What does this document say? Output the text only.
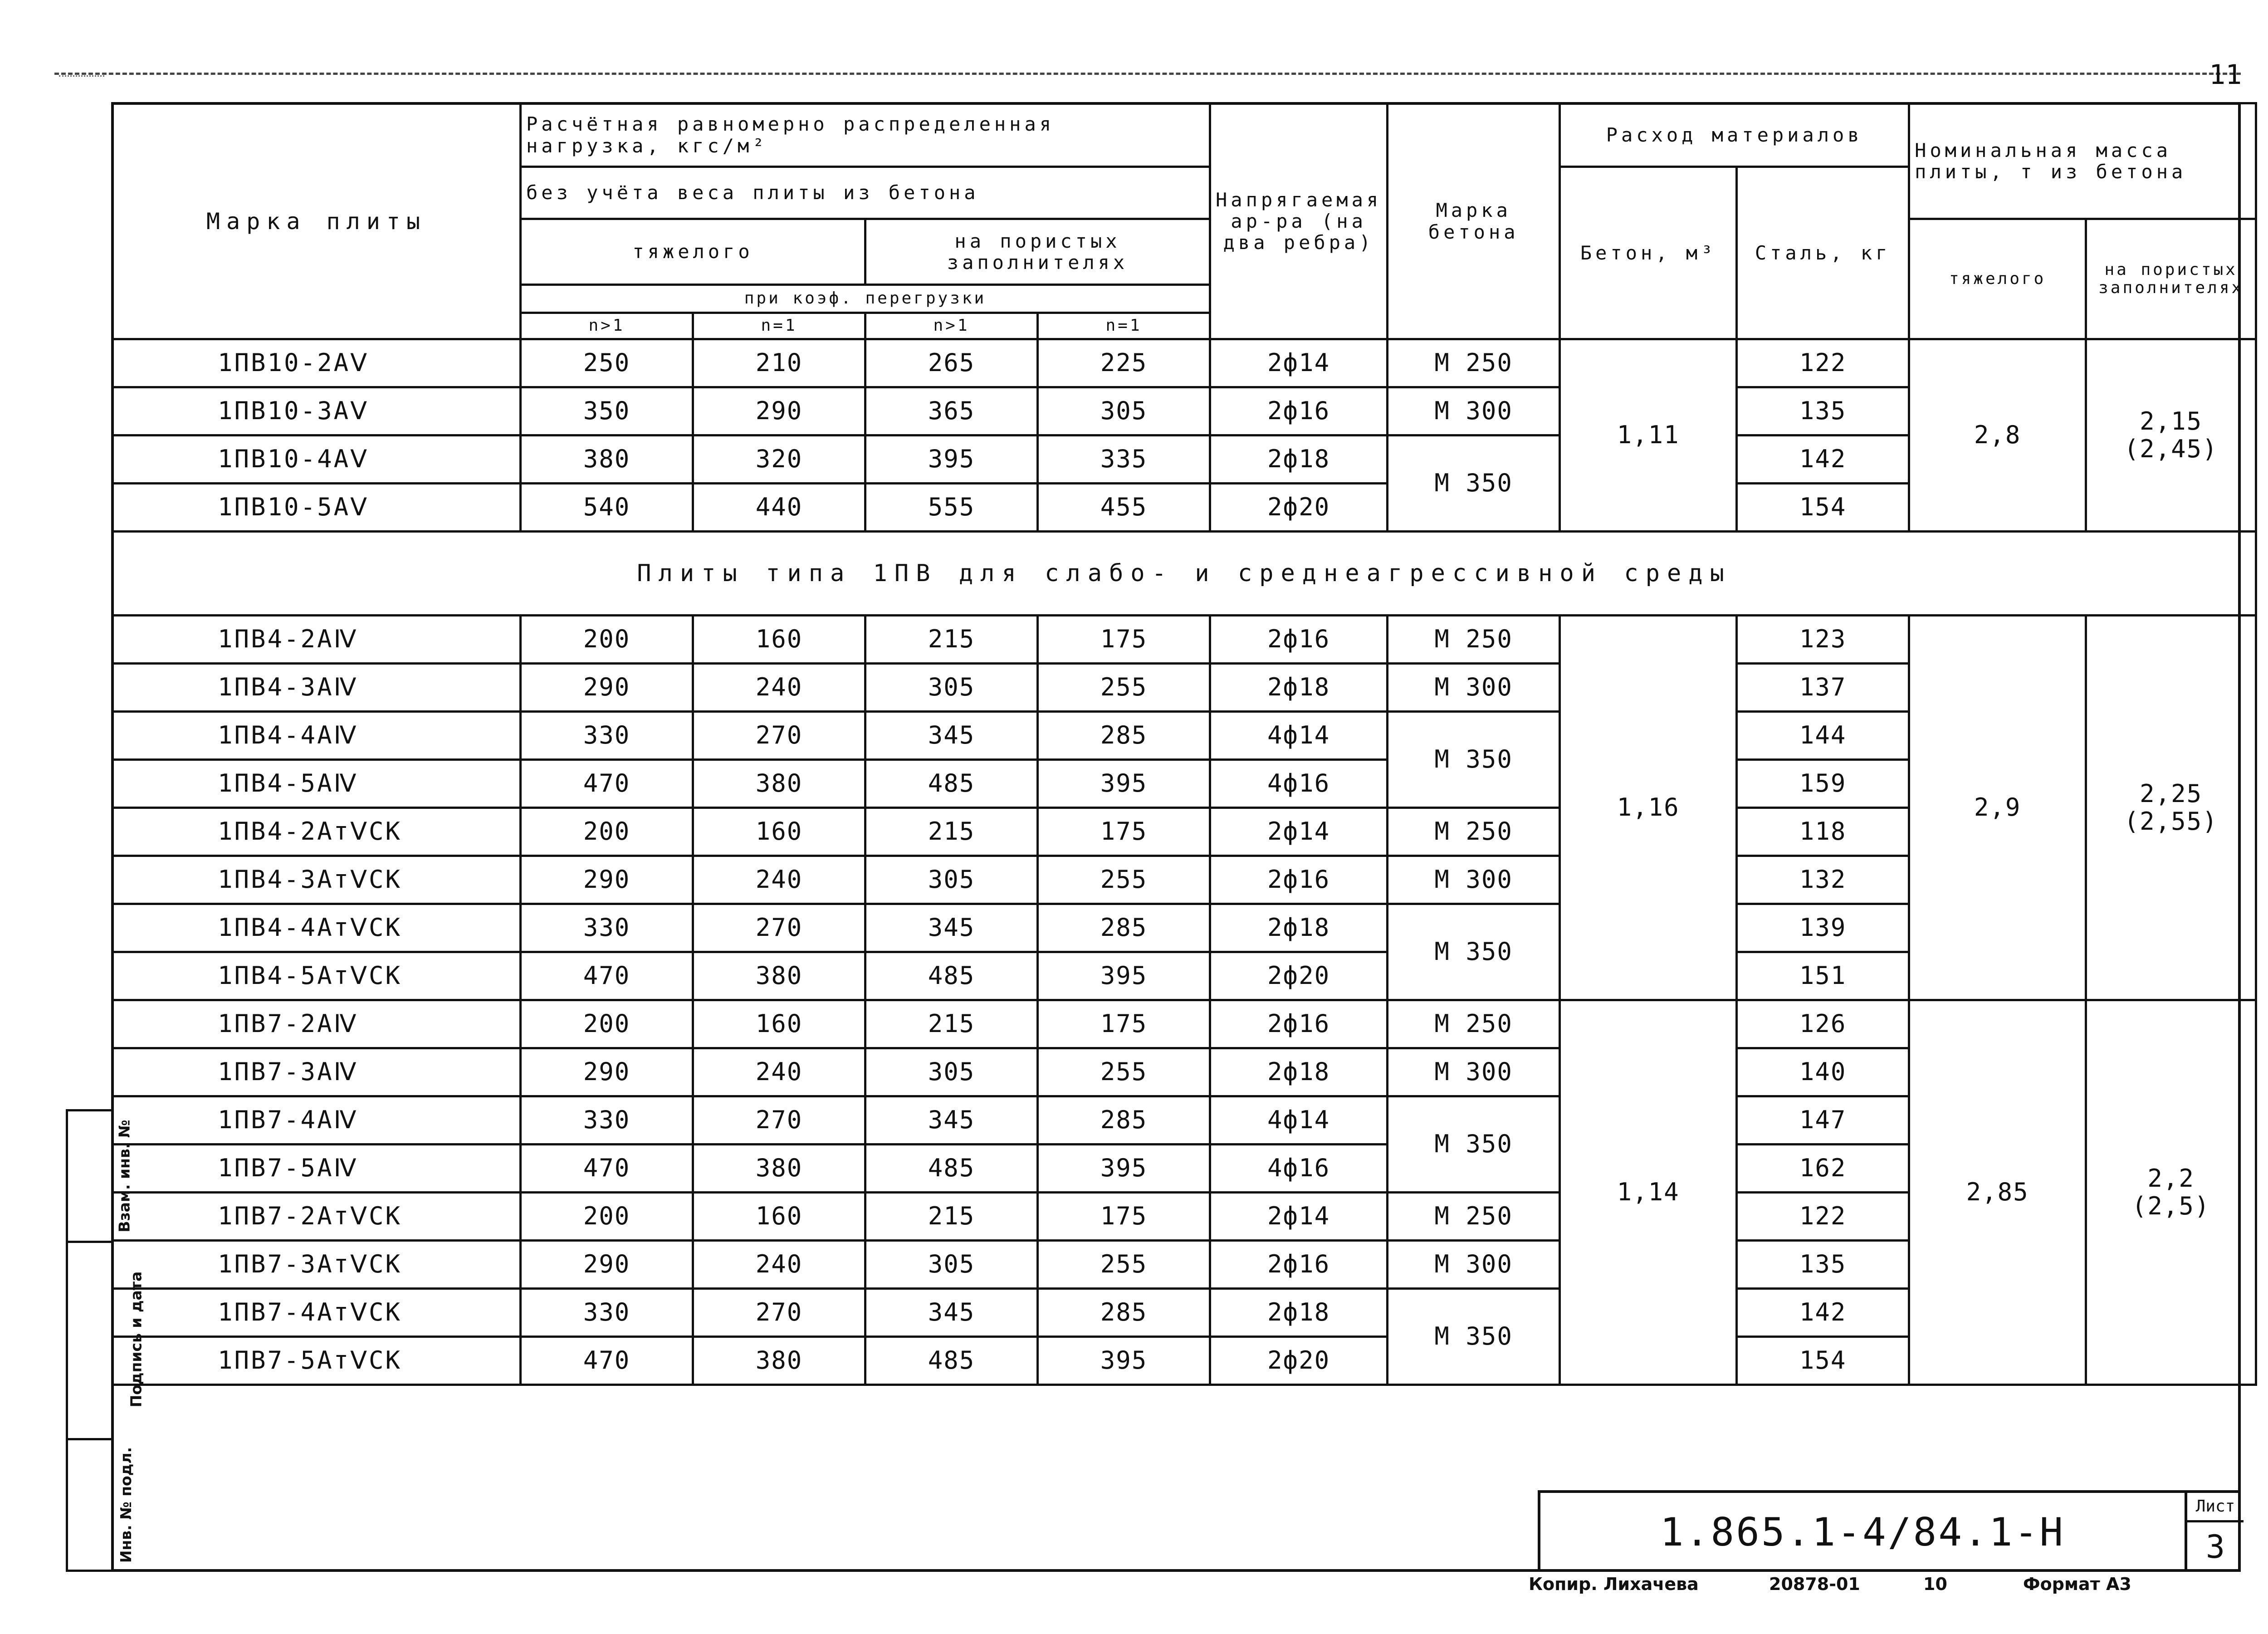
11
Марка плиты	Расчётная равномерно распределенная нагрузка, кгс/м²				Напрягаемая ар-ра (на два ребра)	Марка бетона	Расход материалов		Номинальная масса плиты, т из бетона	
	без учёта веса плиты из бетона						Бетон, м³	Сталь, кг		
	тяжелого		на пористых заполнителях						тяжелого	на пористых заполнителях
	при коэф. перегрузки									
	n>1	n=1	n>1	n=1						
1ПВ10-2АⅤ	250	210	265	225	2ф14	М 250	1,11	122	2,8	2,15
(2,45)

1ПВ10-3АⅤ	350	290	365	305	2ф16	М 300		135		
1ПВ10-4АⅤ	380	320	395	335	2ф18	М 350		142		
1ПВ10-5АⅤ	540	440	555	455	2ф20			154		
Плиты типа 1ПВ для слабо- и среднеагрессивной среды										
1ПВ4-2АⅣ	200	160	215	175	2ф16	М 250	1,16	123	2,9	2,25
(2,55)

1ПВ4-3АⅣ	290	240	305	255	2ф18	М 300		137		
1ПВ4-4АⅣ	330	270	345	285	4ф14	М 350		144		
1ПВ4-5АⅣ	470	380	485	395	4ф16			159		
1ПВ4-2АтⅤСК	200	160	215	175	2ф14	М 250		118		
1ПВ4-3АтⅤСК	290	240	305	255	2ф16	М 300		132		
1ПВ4-4АтⅤСК	330	270	345	285	2ф18	М 350		139		
1ПВ4-5АтⅤСК	470	380	485	395	2ф20			151		
1ПВ7-2АⅣ	200	160	215	175	2ф16	М 250	1,14	126	2,85	2,2
(2,5)

1ПВ7-3АⅣ	290	240	305	255	2ф18	М 300		140		
1ПВ7-4АⅣ	330	270	345	285	4ф14	М 350		147		
1ПВ7-5АⅣ	470	380	485	395	4ф16			162		
1ПВ7-2АтⅤСК	200	160	215	175	2ф14	М 250		122		
1ПВ7-3АтⅤСК	290	240	305	255	2ф16	М 300		135		
1ПВ7-4АтⅤСК	330	270	345	285	2ф18	М 350		142		
1ПВ7-5АтⅤСК	470	380	485	395	2ф20			154		
Взам. инв. №
Подпись и дата
Инв. № подл.	1.865.1-4/84.1-Н
Лист
3
Копир. Лихачева	20878-01	10	Формат А3
